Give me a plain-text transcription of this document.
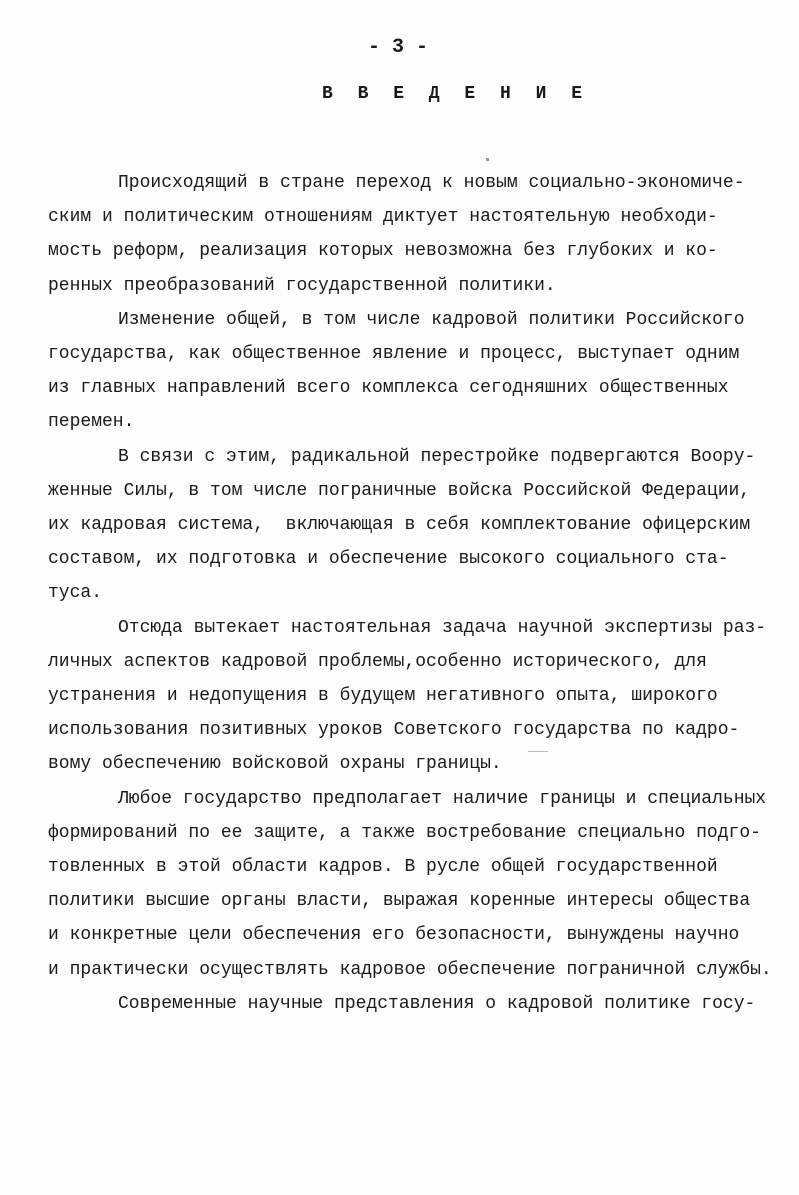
- 3 -
В В Е Д Е Н И Е
Происходящий в стране переход к новым социально-экономиче-
ским и политическим отношениям диктует настоятельную необходи-
мость реформ, реализация которых невозможна без глубоких и ко-
ренных преобразований государственной политики.
Изменение общей, в том числе кадровой политики Российского
государства, как общественное явление и процесс, выступает одним
из главных направлений всего комплекса сегодняшних общественных
перемен.
В связи с этим, радикальной перестройке подвергаются Воору-
женные Силы, в том числе пограничные войска Российской Федерации,
их кадровая система,  включающая в себя комплектование офицерским
составом, их подготовка и обеспечение высокого социального ста-
туса.
Отсюда вытекает настоятельная задача научной экспертизы раз-
личных аспектов кадровой проблемы,особенно исторического, для
устранения и недопущения в будущем негативного опыта, широкого
использования позитивных уроков Советского государства по кадро-
вому обеспечению войсковой охраны границы.
Любое государство предполагает наличие границы и специальных
формирований по ее защите, а также востребование специально подго-
товленных в этой области кадров. В русле общей государственной
политики высшие органы власти, выражая коренные интересы общества
и конкретные цели обеспечения его безопасности, вынуждены научно
и практически осуществлять кадровое обеспечение пограничной службы.
Современные научные представления о кадровой политике госу-
